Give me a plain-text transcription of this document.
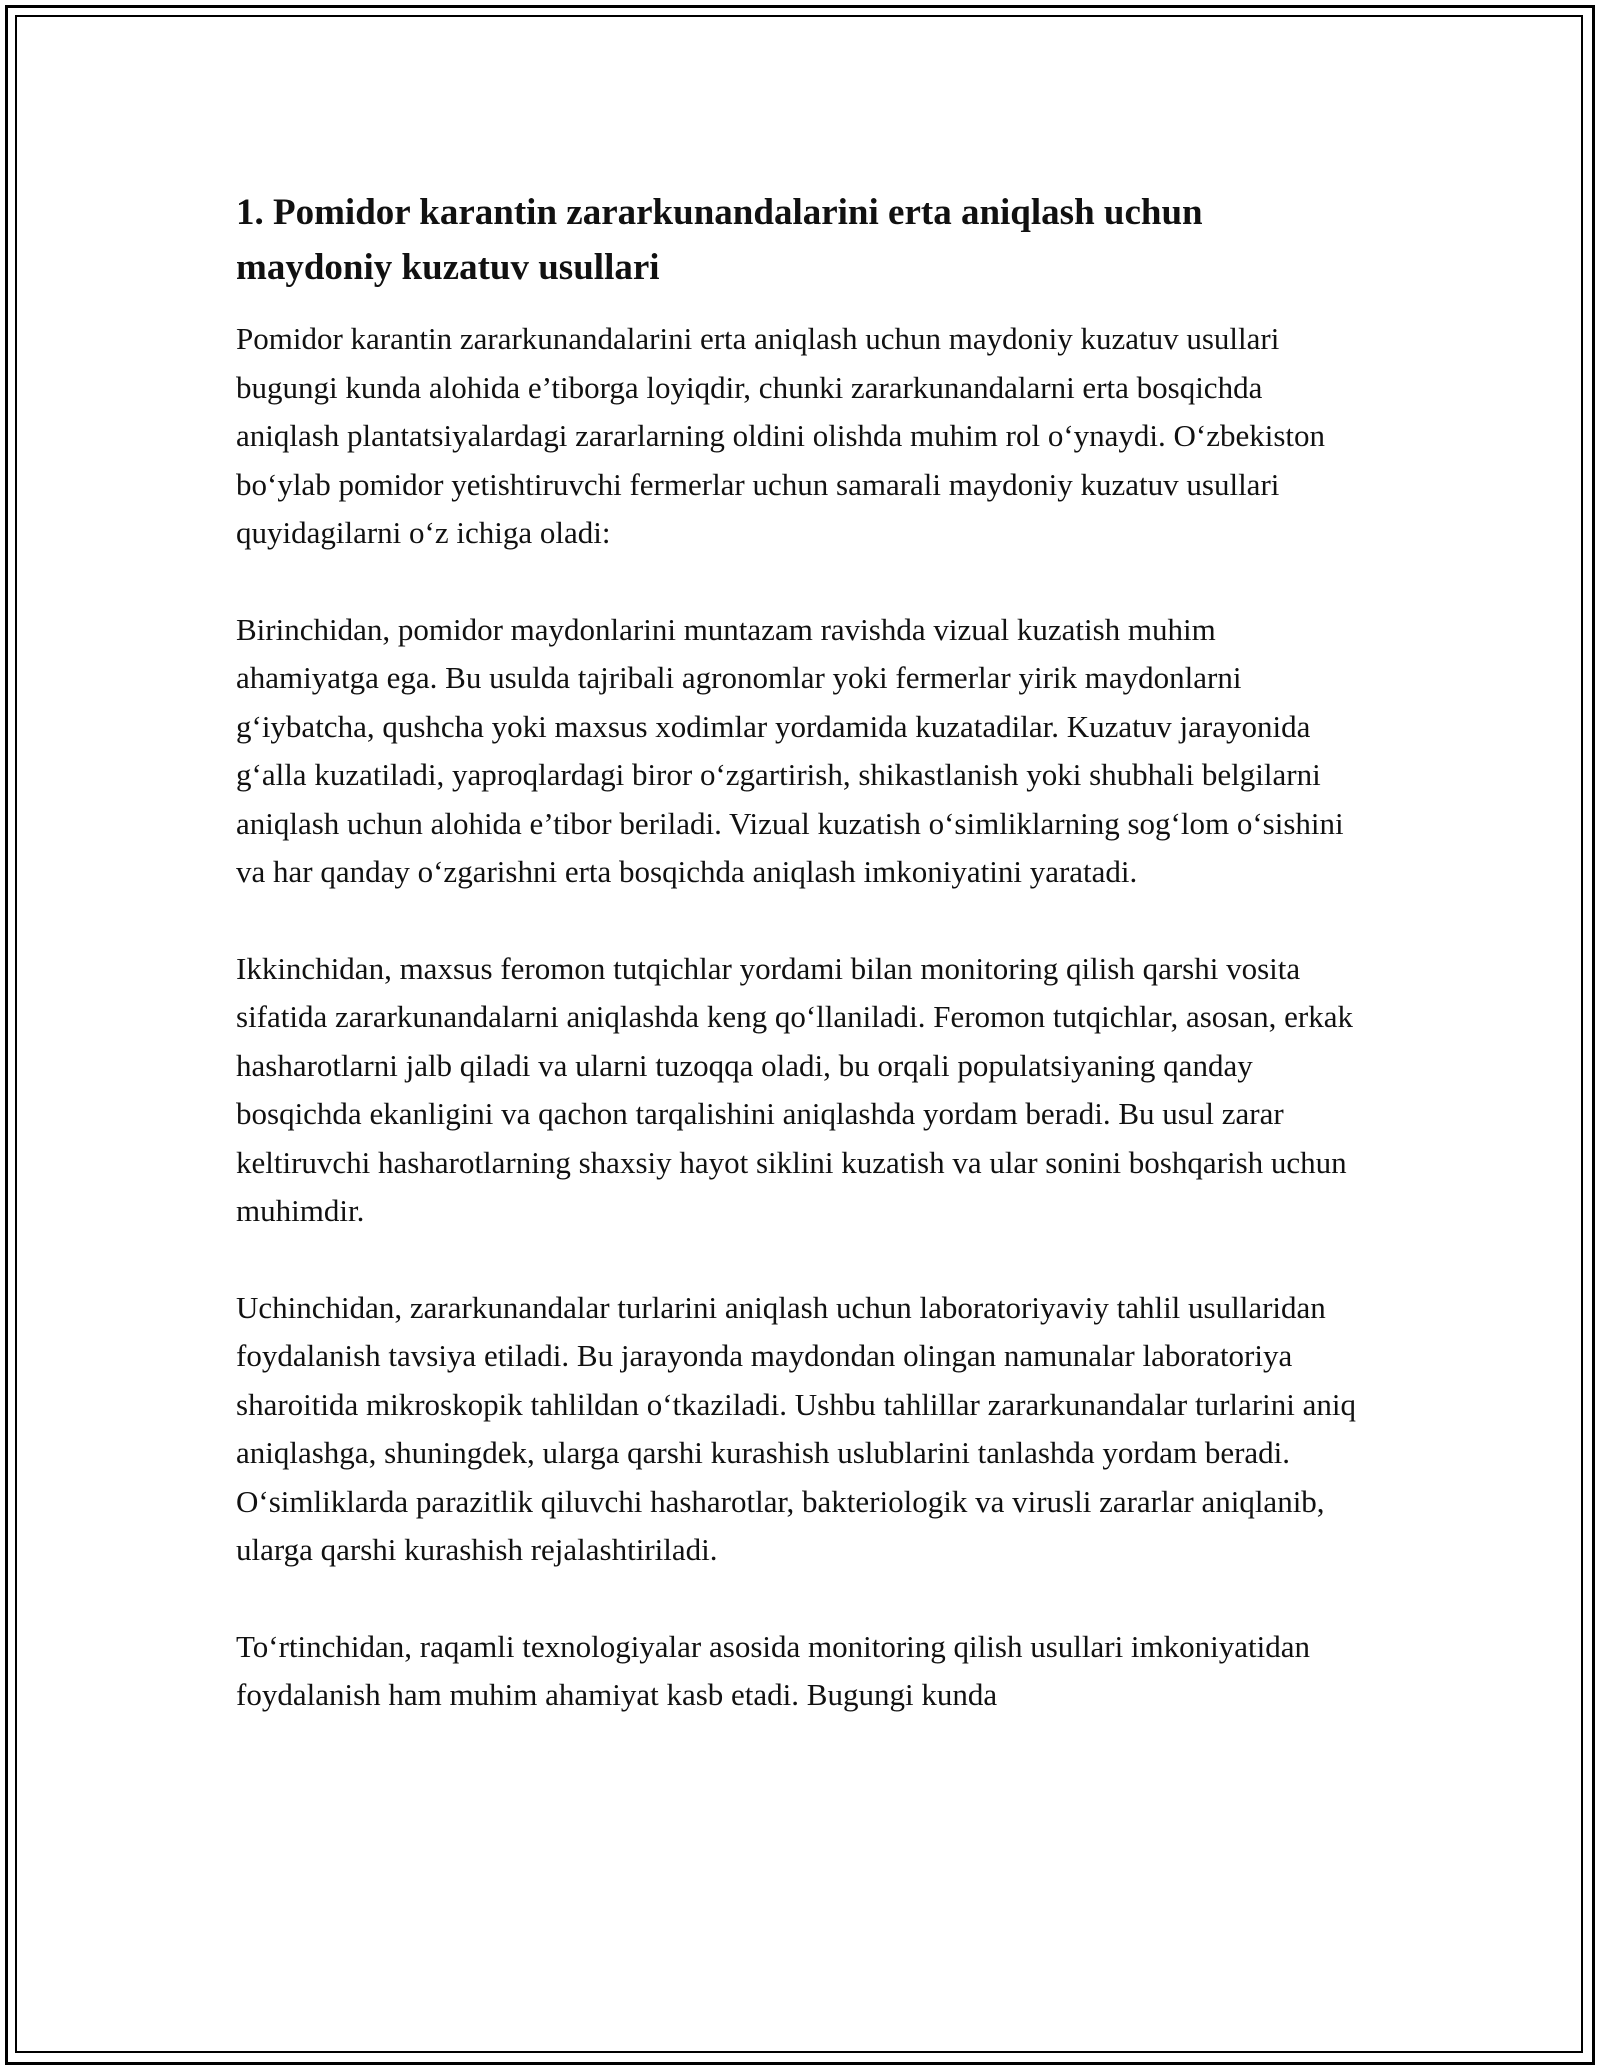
1. Pomidor karantin zararkunandalarini erta aniqlash uchun maydoniy kuzatuv usullari

Pomidor karantin zararkunandalarini erta aniqlash uchun maydoniy kuzatuv usullari bugungi kunda alohida e’tiborga loyiqdir, chunki zararkunandalarni erta bosqichda aniqlash plantatsiyalardagi zararlarning oldini olishda muhim rol o‘ynaydi. O‘zbekiston bo‘ylab pomidor yetishtiruvchi fermerlar uchun samarali maydoniy kuzatuv usullari quyidagilarni o‘z ichiga oladi:

Birinchidan, pomidor maydonlarini muntazam ravishda vizual kuzatish muhim ahamiyatga ega. Bu usulda tajribali agronomlar yoki fermerlar yirik maydonlarni g‘iybatcha, qushcha yoki maxsus xodimlar yordamida kuzatadilar. Kuzatuv jarayonida g‘alla kuzatiladi, yaproqlardagi biror o‘zgartirish, shikastlanish yoki shubhali belgilarni aniqlash uchun alohida e’tibor beriladi. Vizual kuzatish o‘simliklarning sog‘lom o‘sishini va har qanday o‘zgarishni erta bosqichda aniqlash imkoniyatini yaratadi.

Ikkinchidan, maxsus feromon tutqichlar yordami bilan monitoring qilish qarshi vosita sifatida zararkunandalarni aniqlashda keng qo‘llaniladi. Feromon tutqichlar, asosan, erkak hasharotlarni jalb qiladi va ularni tuzoqqa oladi, bu orqali populatsiyaning qanday bosqichda ekanligini va qachon tarqalishini aniqlashda yordam beradi. Bu usul zarar keltiruvchi hasharotlarning shaxsiy hayot siklini kuzatish va ular sonini boshqarish uchun muhimdir.

Uchinchidan, zararkunandalar turlarini aniqlash uchun laboratoriyaviy tahlil usullaridan foydalanish tavsiya etiladi. Bu jarayonda maydondan olingan namunalar laboratoriya sharoitida mikroskopik tahlildan o‘tkaziladi. Ushbu tahlillar zararkunandalar turlarini aniq aniqlashga, shuningdek, ularga qarshi kurashish uslublarini tanlashda yordam beradi. O‘simliklarda parazitlik qiluvchi hasharotlar, bakteriologik va virusli zararlar aniqlanib, ularga qarshi kurashish rejalashtiriladi.

To‘rtinchidan, raqamli texnologiyalar asosida monitoring qilish usullari imkoniyatidan foydalanish ham muhim ahamiyat kasb etadi. Bugungi kunda
